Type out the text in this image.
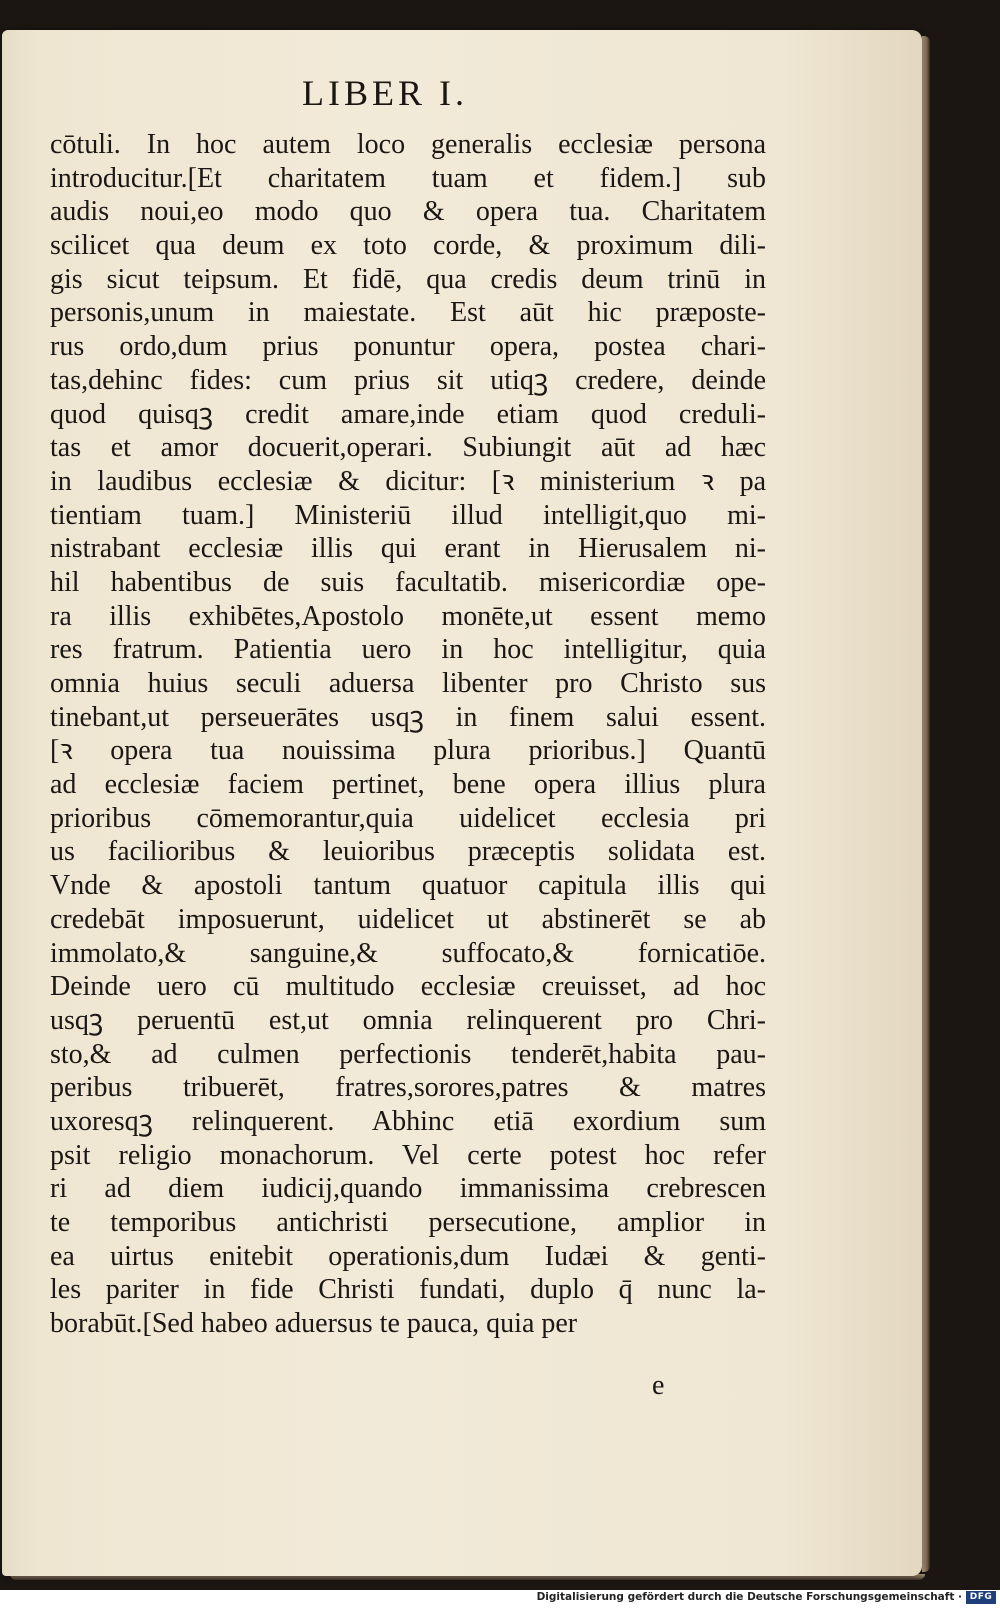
LIBER I.
cōtuli. In hoc autem loco generalis ecclesiæ persona
introducitur.[Et charitatem tuam et fidem.] sub
audis noui,eo modo quo & opera tua. Charitatem
scilicet qua deum ex toto corde, & proximum dili-
gis sicut teipsum. Et fidē, qua credis deum trinū in
personis,unum in maiestate. Est aūt hic præposte-
rus ordo,dum prius ponuntur opera, postea chari-
tas,dehinc fides: cum prius sit utiqꝫ credere, deinde
quod quisqꝫ credit amare,inde etiam quod creduli-
tas et amor docuerit,operari. Subiungit aūt ad hæc
in laudibus ecclesiæ & dicitur: [ꝛ ministerium ꝛ pa
tientiam tuam.] Ministeriū illud intelligit,quo mi-
nistrabant ecclesiæ illis qui erant in Hierusalem ni-
hil habentibus de suis facultatib. misericordiæ ope-
ra illis exhibētes,Apostolo monēte,ut essent memo
res fratrum. Patientia uero in hoc intelligitur, quia
omnia huius seculi aduersa libenter pro Christo sus
tinebant,ut perseuerātes usqꝫ in finem salui essent.
[ꝛ opera tua nouissima plura prioribus.] Quantū
ad ecclesiæ faciem pertinet, bene opera illius plura
prioribus cōmemorantur,quia uidelicet ecclesia pri
us facilioribus & leuioribus præceptis solidata est.
Vnde & apostoli tantum quatuor capitula illis qui
credebāt imposuerunt, uidelicet ut abstinerēt se ab
immolato,& sanguine,& suffocato,& fornicatiōe.
Deinde uero cū multitudo ecclesiæ creuisset, ad hoc
usqꝫ peruentū est,ut omnia relinquerent pro Chri-
sto,& ad culmen perfectionis tenderēt,habita pau-
peribus tribuerēt, fratres,sorores,patres & matres
uxoresqꝫ relinquerent. Abhinc etiā exordium sum
psit religio monachorum. Vel certe potest hoc refer
ri ad diem iudicij,quando immanissima crebrescen
te temporibus antichristi persecutione, amplior in
ea uirtus enitebit operationis,dum Iudæi & genti-
les pariter in fide Christi fundati, duplo q̄ nunc la-
borabūt.[Sed habeo aduersus te pauca, quia per
e
Digitalisierung gefördert durch die Deutsche Forschungsgemeinschaft · DFG
